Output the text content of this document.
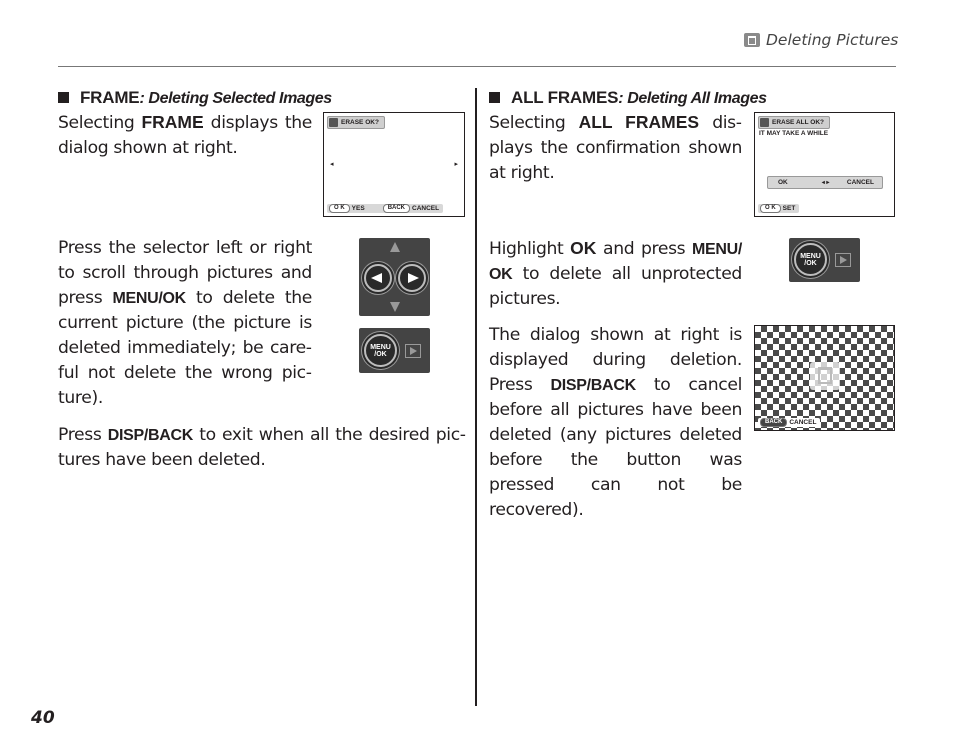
Deleting Pictures
40
FRAME : Deleting Selected Images
Selecting FRAME displays the dialog shown at right.
ERASE OK?
◂	▸
O K	YES	BACK	CANCEL
Press the selector left or right to scroll through pictures and press MENU/OK to delete the current picture (the picture is deleted immediately; be careful not delete the wrong picture).
MENU
/OK
Press DISP/BACK to exit when all the desired pictures have been deleted.
ALL FRAMES : Deleting All Images
Selecting ALL FRAMES displays the confirmation shown at right.
ERASE ALL OK?
IT MAY TAKE A WHILE
OK	◂ ▸	CANCEL
O K	SET
Highlight OK and press MENU/ OK to delete all unprotected pictures.
MENU
/OK
The dialog shown at right is displayed during deletion. Press DISP/BACK to cancel before all pictures have been deleted (any pictures deleted before the button was pressed can not be recovered).
BACK	CANCEL
